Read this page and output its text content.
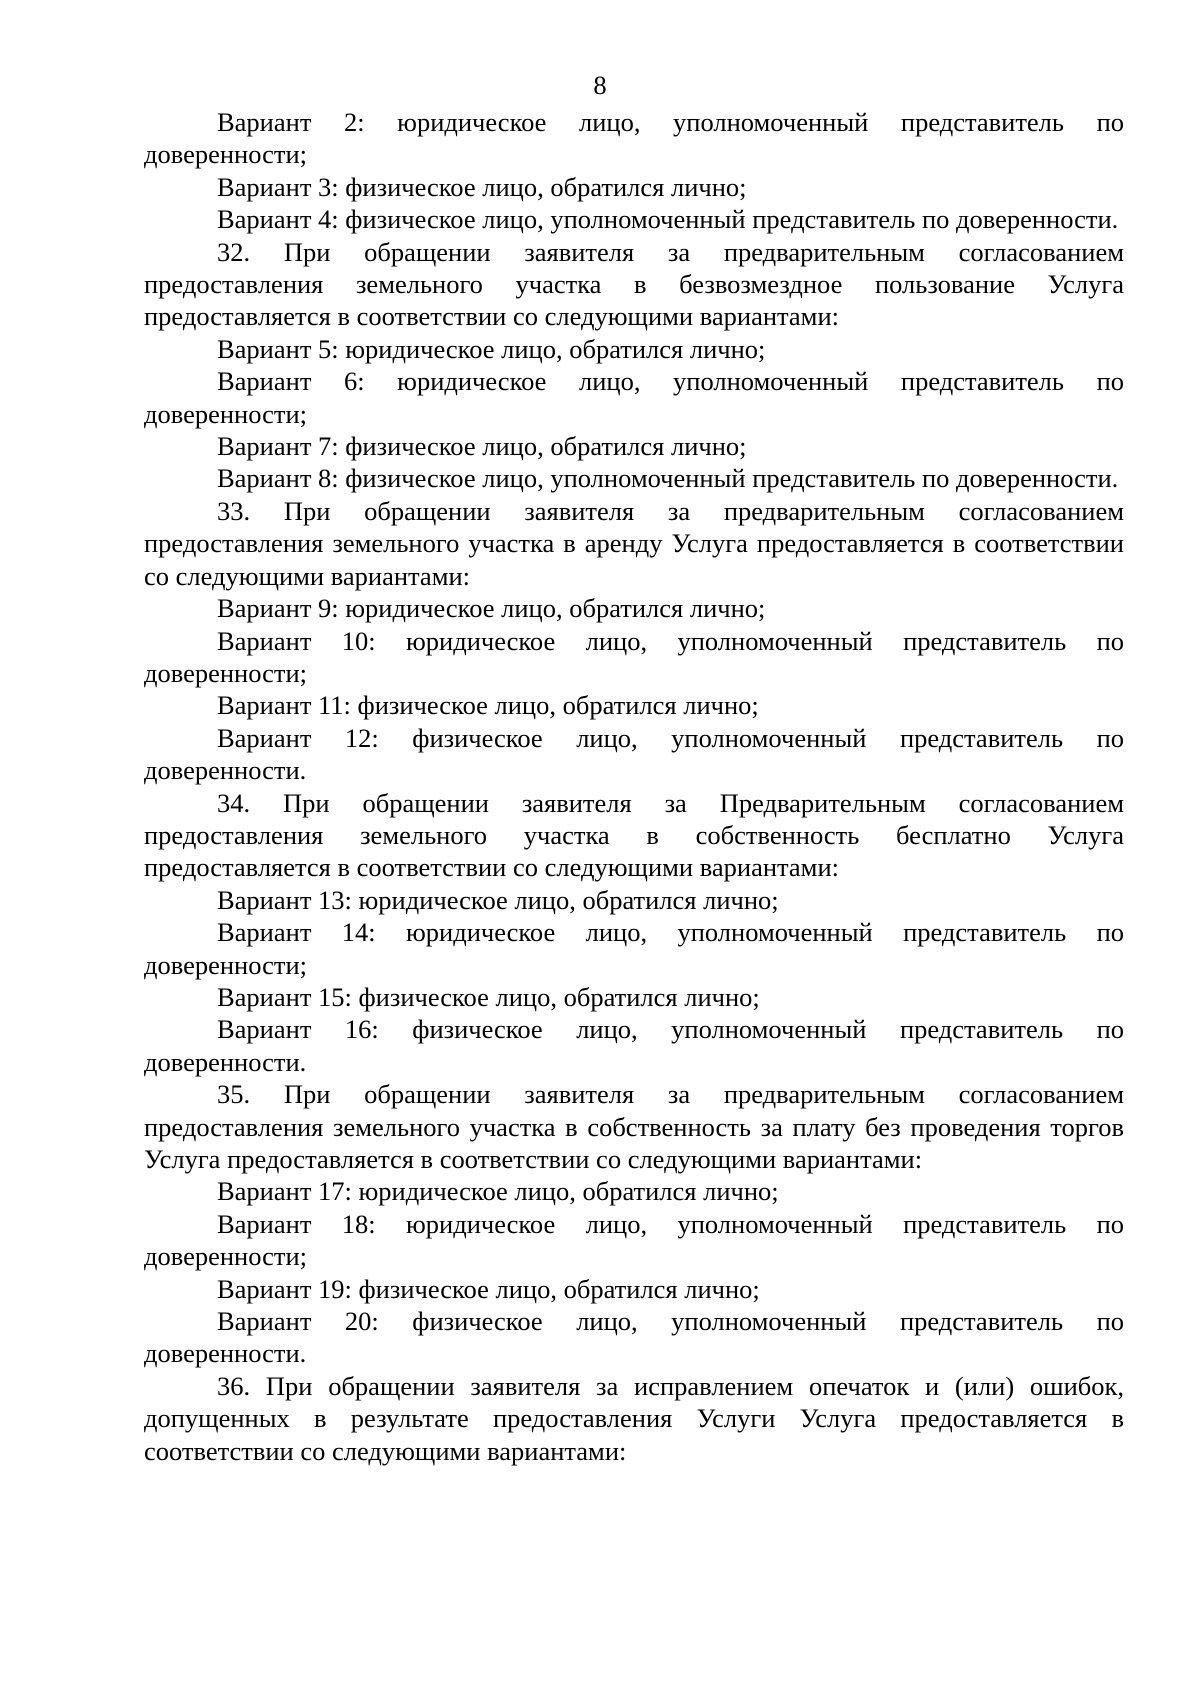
8

Вариант 2: юридическое лицо, уполномоченный представитель по доверенности;

Вариант 3: физическое лицо, обратился лично;

Вариант 4: физическое лицо, уполномоченный представитель по доверенности.

32. При обращении заявителя за предварительным согласованием предоставления земельного участка в безвозмездное пользование Услуга предоставляется в соответствии со следующими вариантами:

Вариант 5: юридическое лицо, обратился лично;

Вариант 6: юридическое лицо, уполномоченный представитель по доверенности;

Вариант 7: физическое лицо, обратился лично;

Вариант 8: физическое лицо, уполномоченный представитель по доверенности.

33. При обращении заявителя за предварительным согласованием предоставления земельного участка в аренду Услуга предоставляется в соответствии со следующими вариантами:

Вариант 9: юридическое лицо, обратился лично;

Вариант 10: юридическое лицо, уполномоченный представитель по доверенности;

Вариант 11: физическое лицо, обратился лично;

Вариант 12: физическое лицо, уполномоченный представитель по доверенности.

34. При обращении заявителя за Предварительным согласованием предоставления земельного участка в собственность бесплатно Услуга предоставляется в соответствии со следующими вариантами:

Вариант 13: юридическое лицо, обратился лично;

Вариант 14: юридическое лицо, уполномоченный представитель по доверенности;

Вариант 15: физическое лицо, обратился лично;

Вариант 16: физическое лицо, уполномоченный представитель по доверенности.

35. При обращении заявителя за предварительным согласованием предоставления земельного участка в собственность за плату без проведения торгов Услуга предоставляется в соответствии со следующими вариантами:

Вариант 17: юридическое лицо, обратился лично;

Вариант 18: юридическое лицо, уполномоченный представитель по доверенности;

Вариант 19: физическое лицо, обратился лично;

Вариант 20: физическое лицо, уполномоченный представитель по доверенности.

36. При обращении заявителя за исправлением опечаток и (или) ошибок, допущенных в результате предоставления Услуги Услуга предоставляется в соответствии со следующими вариантами:
